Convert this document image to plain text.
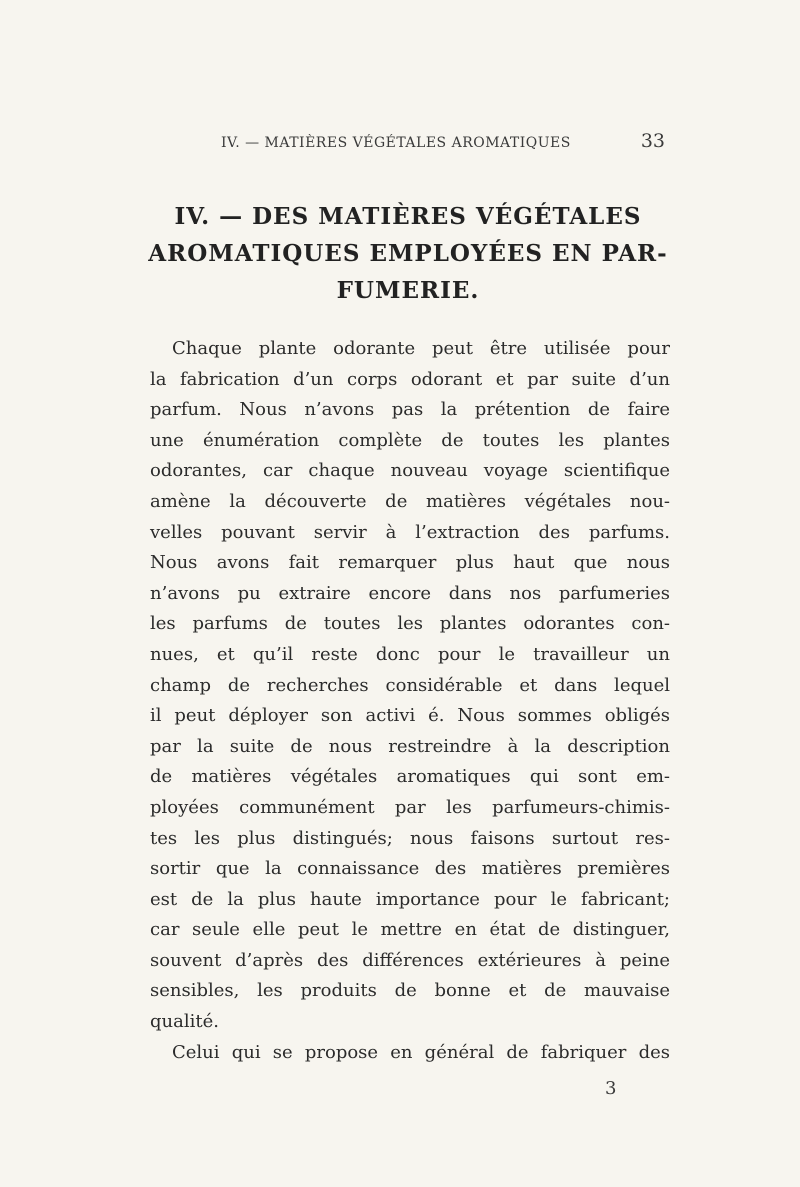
IV. — MATIÈRES VÉGÉTALES AROMATIQUES	33
IV. — DES MATIÈRES VÉGÉTALES
AROMATIQUES EMPLOYÉES EN PAR-
FUMERIE.
Chaque plante odorante peut être utilisée pour
la fabrication d’un corps odorant et par suite d’un
parfum. Nous n’avons pas la prétention de faire
une énumération complète de toutes les plantes
odorantes, car chaque nouveau voyage scientifique
amène la découverte de matières végétales nou-
velles pouvant servir à l’extraction des parfums.
Nous avons fait remarquer plus haut que nous
n’avons pu extraire encore dans nos parfumeries
les parfums de toutes les plantes odorantes con-
nues, et qu’il reste donc pour le travailleur un
champ de recherches considérable et dans lequel
il peut déployer son activi é. Nous sommes obligés
par la suite de nous restreindre à la description
de matières végétales aromatiques qui sont em-
ployées communément par les parfumeurs-chimis-
tes les plus distingués; nous faisons surtout res-
sortir que la connaissance des matières premières
est de la plus haute importance pour le fabricant;
car seule elle peut le mettre en état de distinguer,
souvent d’après des différences extérieures à peine
sensibles, les produits de bonne et de mauvaise
qualité.
Celui qui se propose en général de fabriquer des
3
